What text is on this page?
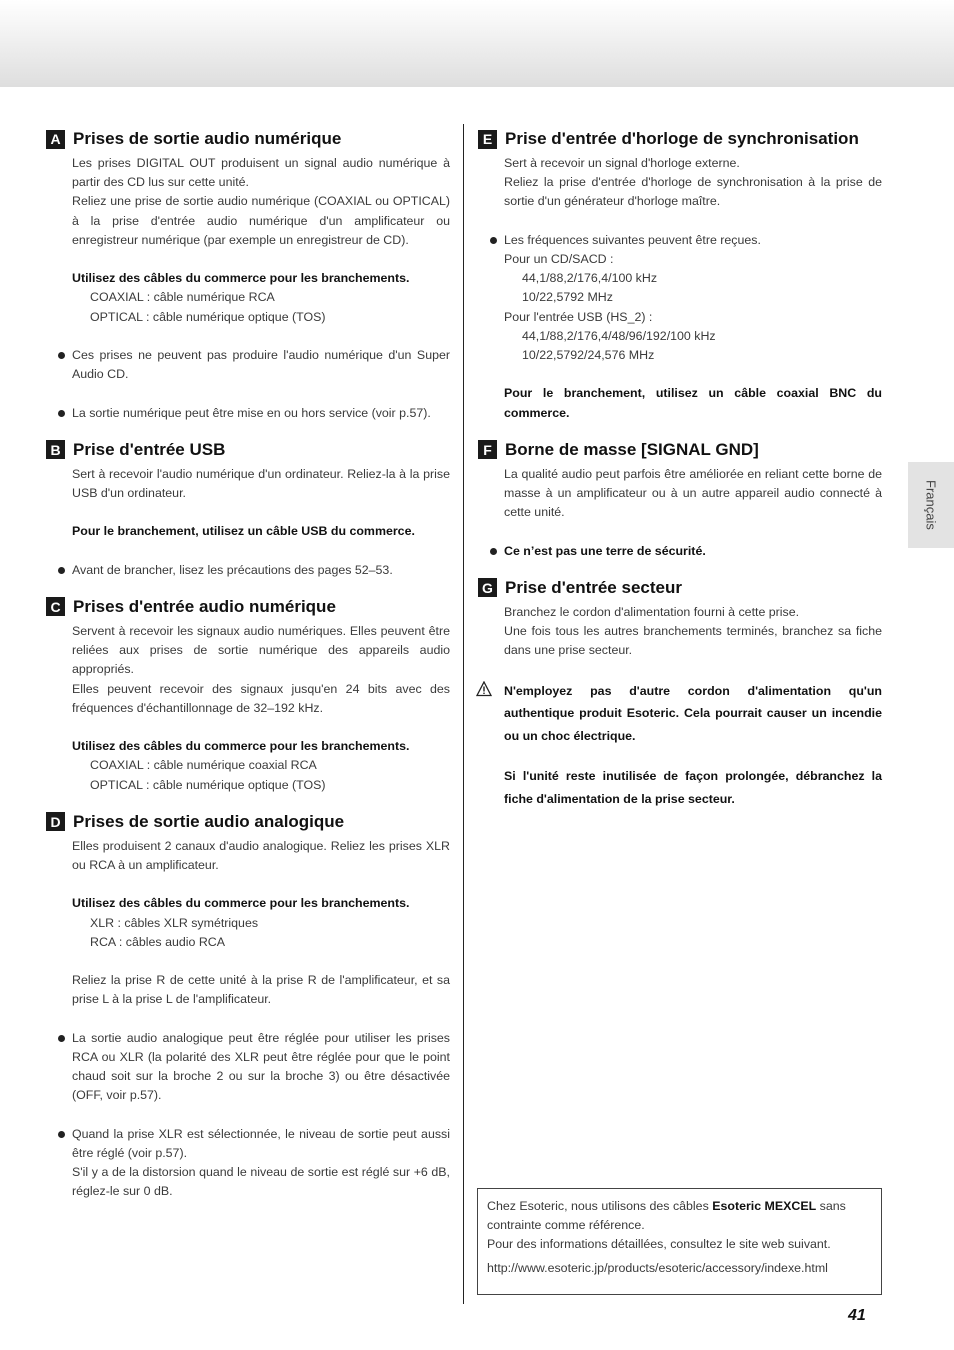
A Prises de sortie audio numérique
Les prises DIGITAL OUT produisent un signal audio numérique à partir des CD lus sur cette unité.
Reliez une prise de sortie audio numérique (COAXIAL ou OPTICAL) à la prise d'entrée audio numérique d'un amplificateur ou enregistreur numérique (par exemple un enregistreur de CD).
Utilisez des câbles du commerce pour les branchements.
COAXIAL : câble numérique RCA
OPTICAL : câble numérique optique (TOS)
Ces prises ne peuvent pas produire l'audio numérique d'un Super Audio CD.
La sortie numérique peut être mise en ou hors service (voir p.57).
B Prise d'entrée USB
Sert à recevoir l'audio numérique d'un ordinateur. Reliez-la à la prise USB d'un ordinateur.
Pour le branchement, utilisez un câble USB du commerce.
Avant de brancher, lisez les précautions des pages 52–53.
C Prises d'entrée audio numérique
Servent à recevoir les signaux audio numériques. Elles peuvent être reliées aux prises de sortie numérique des appareils audio appropriés.
Elles peuvent recevoir des signaux jusqu'en 24 bits avec des fréquences d'échantillonnage de 32–192 kHz.
Utilisez des câbles du commerce pour les branchements.
COAXIAL : câble numérique coaxial RCA
OPTICAL : câble numérique optique (TOS)
D Prises de sortie audio analogique
Elles produisent 2 canaux d'audio analogique. Reliez les prises XLR ou RCA à un amplificateur.
Utilisez des câbles du commerce pour les branchements.
XLR : câbles XLR symétriques
RCA : câbles audio RCA
Reliez la prise R de cette unité à la prise R de l'amplificateur, et sa prise L à la prise L de l'amplificateur.
La sortie audio analogique peut être réglée pour utiliser les prises RCA ou XLR (la polarité des XLR peut être réglée pour que le point chaud soit sur la broche 2 ou sur la broche 3) ou être désactivée (OFF, voir p.57).
Quand la prise XLR est sélectionnée, le niveau de sortie peut aussi être réglé (voir p.57).
S'il y a de la distorsion quand le niveau de sortie est réglé sur +6 dB, réglez-le sur 0 dB.
E Prise d'entrée d'horloge de synchronisation
Sert à recevoir un signal d'horloge externe.
Reliez la prise d'entrée d'horloge de synchronisation à la prise de sortie d'un générateur d'horloge maître.
Les fréquences suivantes peuvent être reçues.
Pour un CD/SACD :
44,1/88,2/176,4/100 kHz
10/22,5792 MHz
Pour l'entrée USB (HS_2) :
44,1/88,2/176,4/48/96/192/100 kHz
10/22,5792/24,576 MHz
Pour le branchement, utilisez un câble coaxial BNC du commerce.
F Borne de masse [SIGNAL GND]
La qualité audio peut parfois être améliorée en reliant cette borne de masse à un amplificateur ou à un autre appareil audio connecté à cette unité.
Ce n’est pas une terre de sécurité.
G Prise d'entrée secteur
Branchez le cordon d'alimentation fourni à cette prise.
Une fois tous les autres branchements terminés, branchez sa fiche dans une prise secteur.
N'employez pas d'autre cordon d'alimentation qu'un authentique produit Esoteric. Cela pourrait causer un incendie ou un choc électrique.
Si l'unité reste inutilisée de façon prolongée, débranchez la fiche d'alimentation de la prise secteur.
Français
Chez Esoteric, nous utilisons des câbles Esoteric MEXCEL sans contrainte comme référence.
Pour des informations détaillées, consultez le site web suivant.
http://www.esoteric.jp/products/esoteric/accessory/indexe.html
41
